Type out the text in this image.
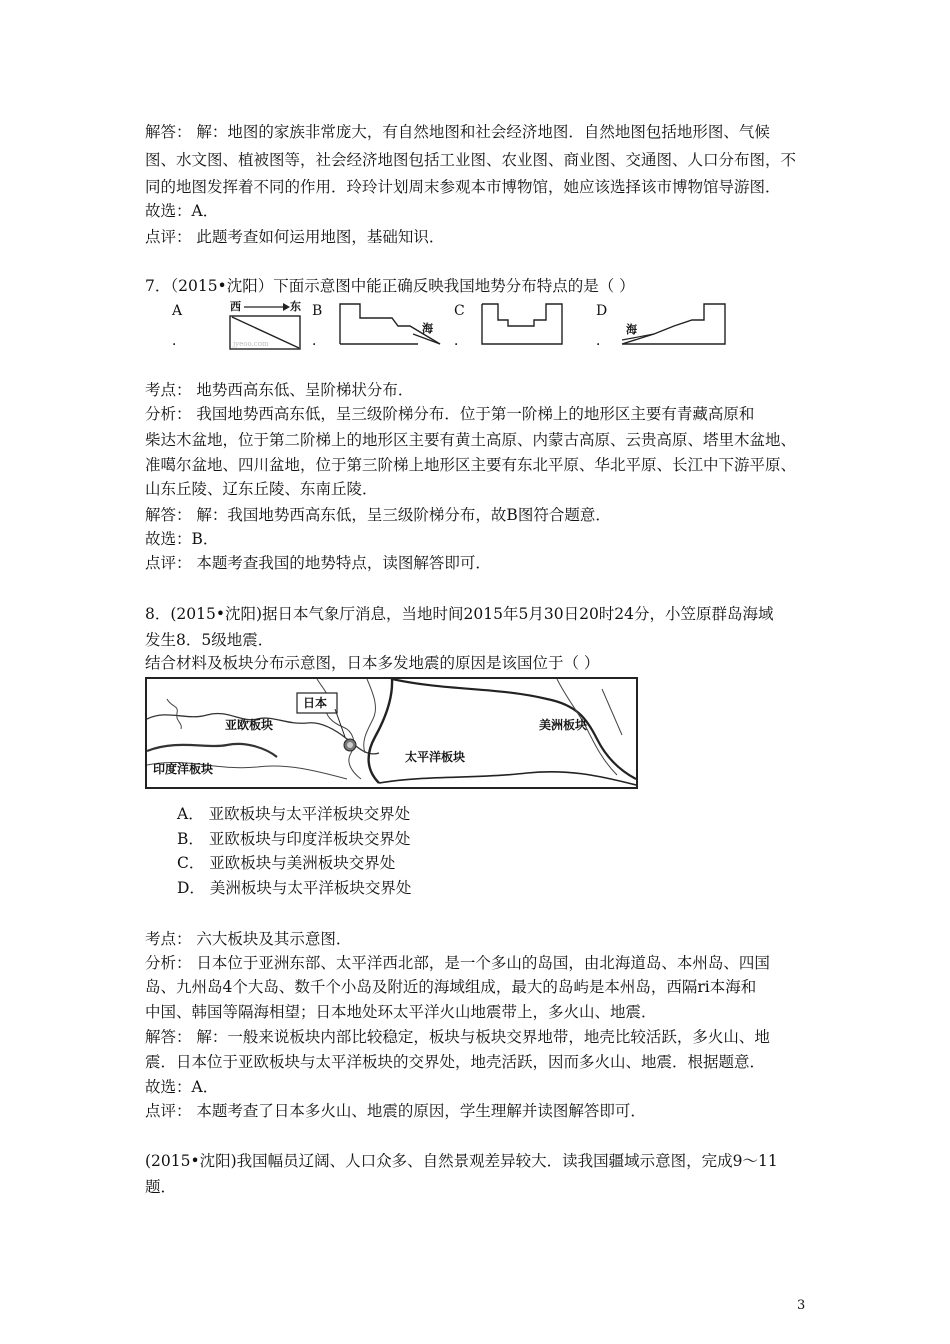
解答： 解：地图的家族非常庞大，有自然地图和社会经济地图．自然地图包括地形图、气候
图、水文图、植被图等，社会经济地图包括工业图、农业图、商业图、交通图、人口分布图，不
同的地图发挥着不同的作用．玲玲计划周末参观本市博物馆，她应该选择该市博物馆导游图．
故选：A．
点评： 此题考查如何运用地图，基础知识．
7．（2015•沈阳）下面示意图中能正确反映我国地势分布特点的是（ ）
A
．
西	东
jyeoo.com
B
．
海
C
．
D
．
海
考点： 地势西高东低、呈阶梯状分布．
分析： 我国地势西高东低，呈三级阶梯分布．位于第一阶梯上的地形区主要有青藏高原和
柴达木盆地，位于第二阶梯上的地形区主要有黄土高原、内蒙古高原、云贵高原、塔里木盆地、
准噶尔盆地、四川盆地，位于第三阶梯上地形区主要有东北平原、华北平原、长江中下游平原、
山东丘陵、辽东丘陵、东南丘陵．
解答： 解：我国地势西高东低，呈三级阶梯分布，故B图符合题意．
故选：B．
点评： 本题考查我国的地势特点，读图解答即可．
8．(2015•沈阳)据日本气象厅消息，当地时间2015年5月30日20时24分，小笠原群岛海域
发生8．5级地震．
结合材料及板块分布示意图，日本多发地震的原因是该国位于（ ）
日本
亚欧板块
印度洋板块
太平洋板块
美洲板块
A． 亚欧板块与太平洋板块交界处
B． 亚欧板块与印度洋板块交界处
C． 亚欧板块与美洲板块交界处
D． 美洲板块与太平洋板块交界处
考点： 六大板块及其示意图．
分析： 日本位于亚洲东部、太平洋西北部，是一个多山的岛国，由北海道岛、本州岛、四国
岛、九州岛4个大岛、数千个小岛及附近的海域组成，最大的岛屿是本州岛，西隔ri本海和
中国、韩国等隔海相望；日本地处环太平洋火山地震带上，多火山、地震．
解答： 解：一般来说板块内部比较稳定，板块与板块交界地带，地壳比较活跃，多火山、地
震．日本位于亚欧板块与太平洋板块的交界处，地壳活跃，因而多火山、地震．根据题意．
故选：A．
点评： 本题考查了日本多火山、地震的原因，学生理解并读图解答即可．
(2015•沈阳)我国幅员辽阔、人口众多、自然景观差异较大．读我国疆域示意图，完成9～11
题．
3
